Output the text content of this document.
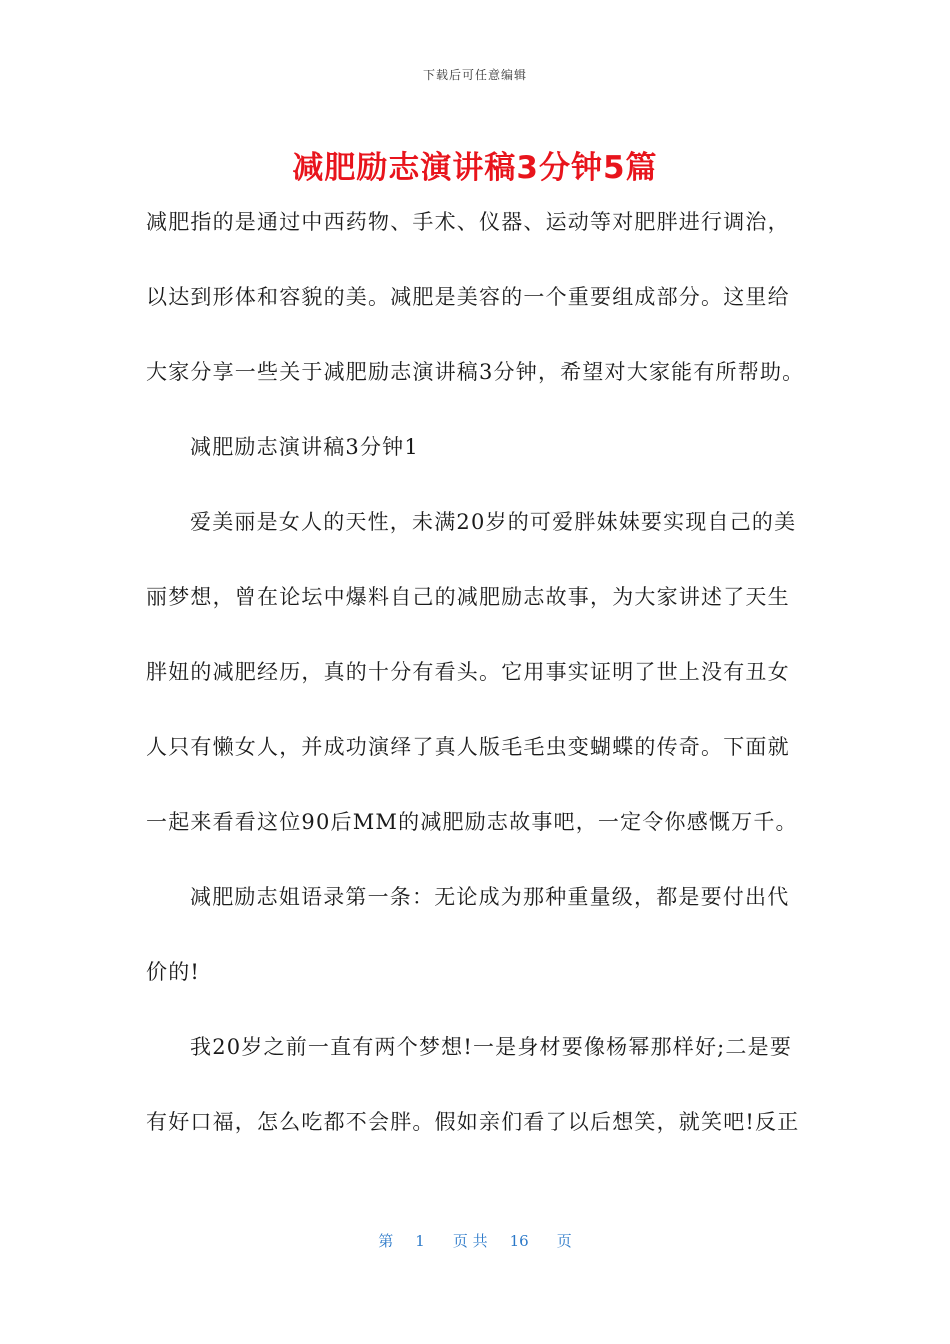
下载后可任意编辑
减肥励志演讲稿3分钟5篇

减肥指的是通过中西药物、手术、仪器、运动等对肥胖进行调治，

以达到形体和容貌的美。减肥是美容的一个重要组成部分。这里给

大家分享一些关于减肥励志演讲稿3分钟，希望对大家能有所帮助。

减肥励志演讲稿3分钟1

爱美丽是女人的天性，未满20岁的可爱胖妹妹要实现自己的美

丽梦想，曾在论坛中爆料自己的减肥励志故事，为大家讲述了天生

胖妞的减肥经历，真的十分有看头。它用事实证明了世上没有丑女

人只有懒女人，并成功演绎了真人版毛毛虫变蝴蝶的传奇。下面就

一起来看看这位90后MM的减肥励志故事吧，一定令你感慨万千。

减肥励志姐语录第一条：无论成为那种重量级，都是要付出代

价的!

我20岁之前一直有两个梦想!一是身材要像杨幂那样好;二是要

有好口福，怎么吃都不会胖。假如亲们看了以后想笑，就笑吧!反正

第 1 页 共 16 页
